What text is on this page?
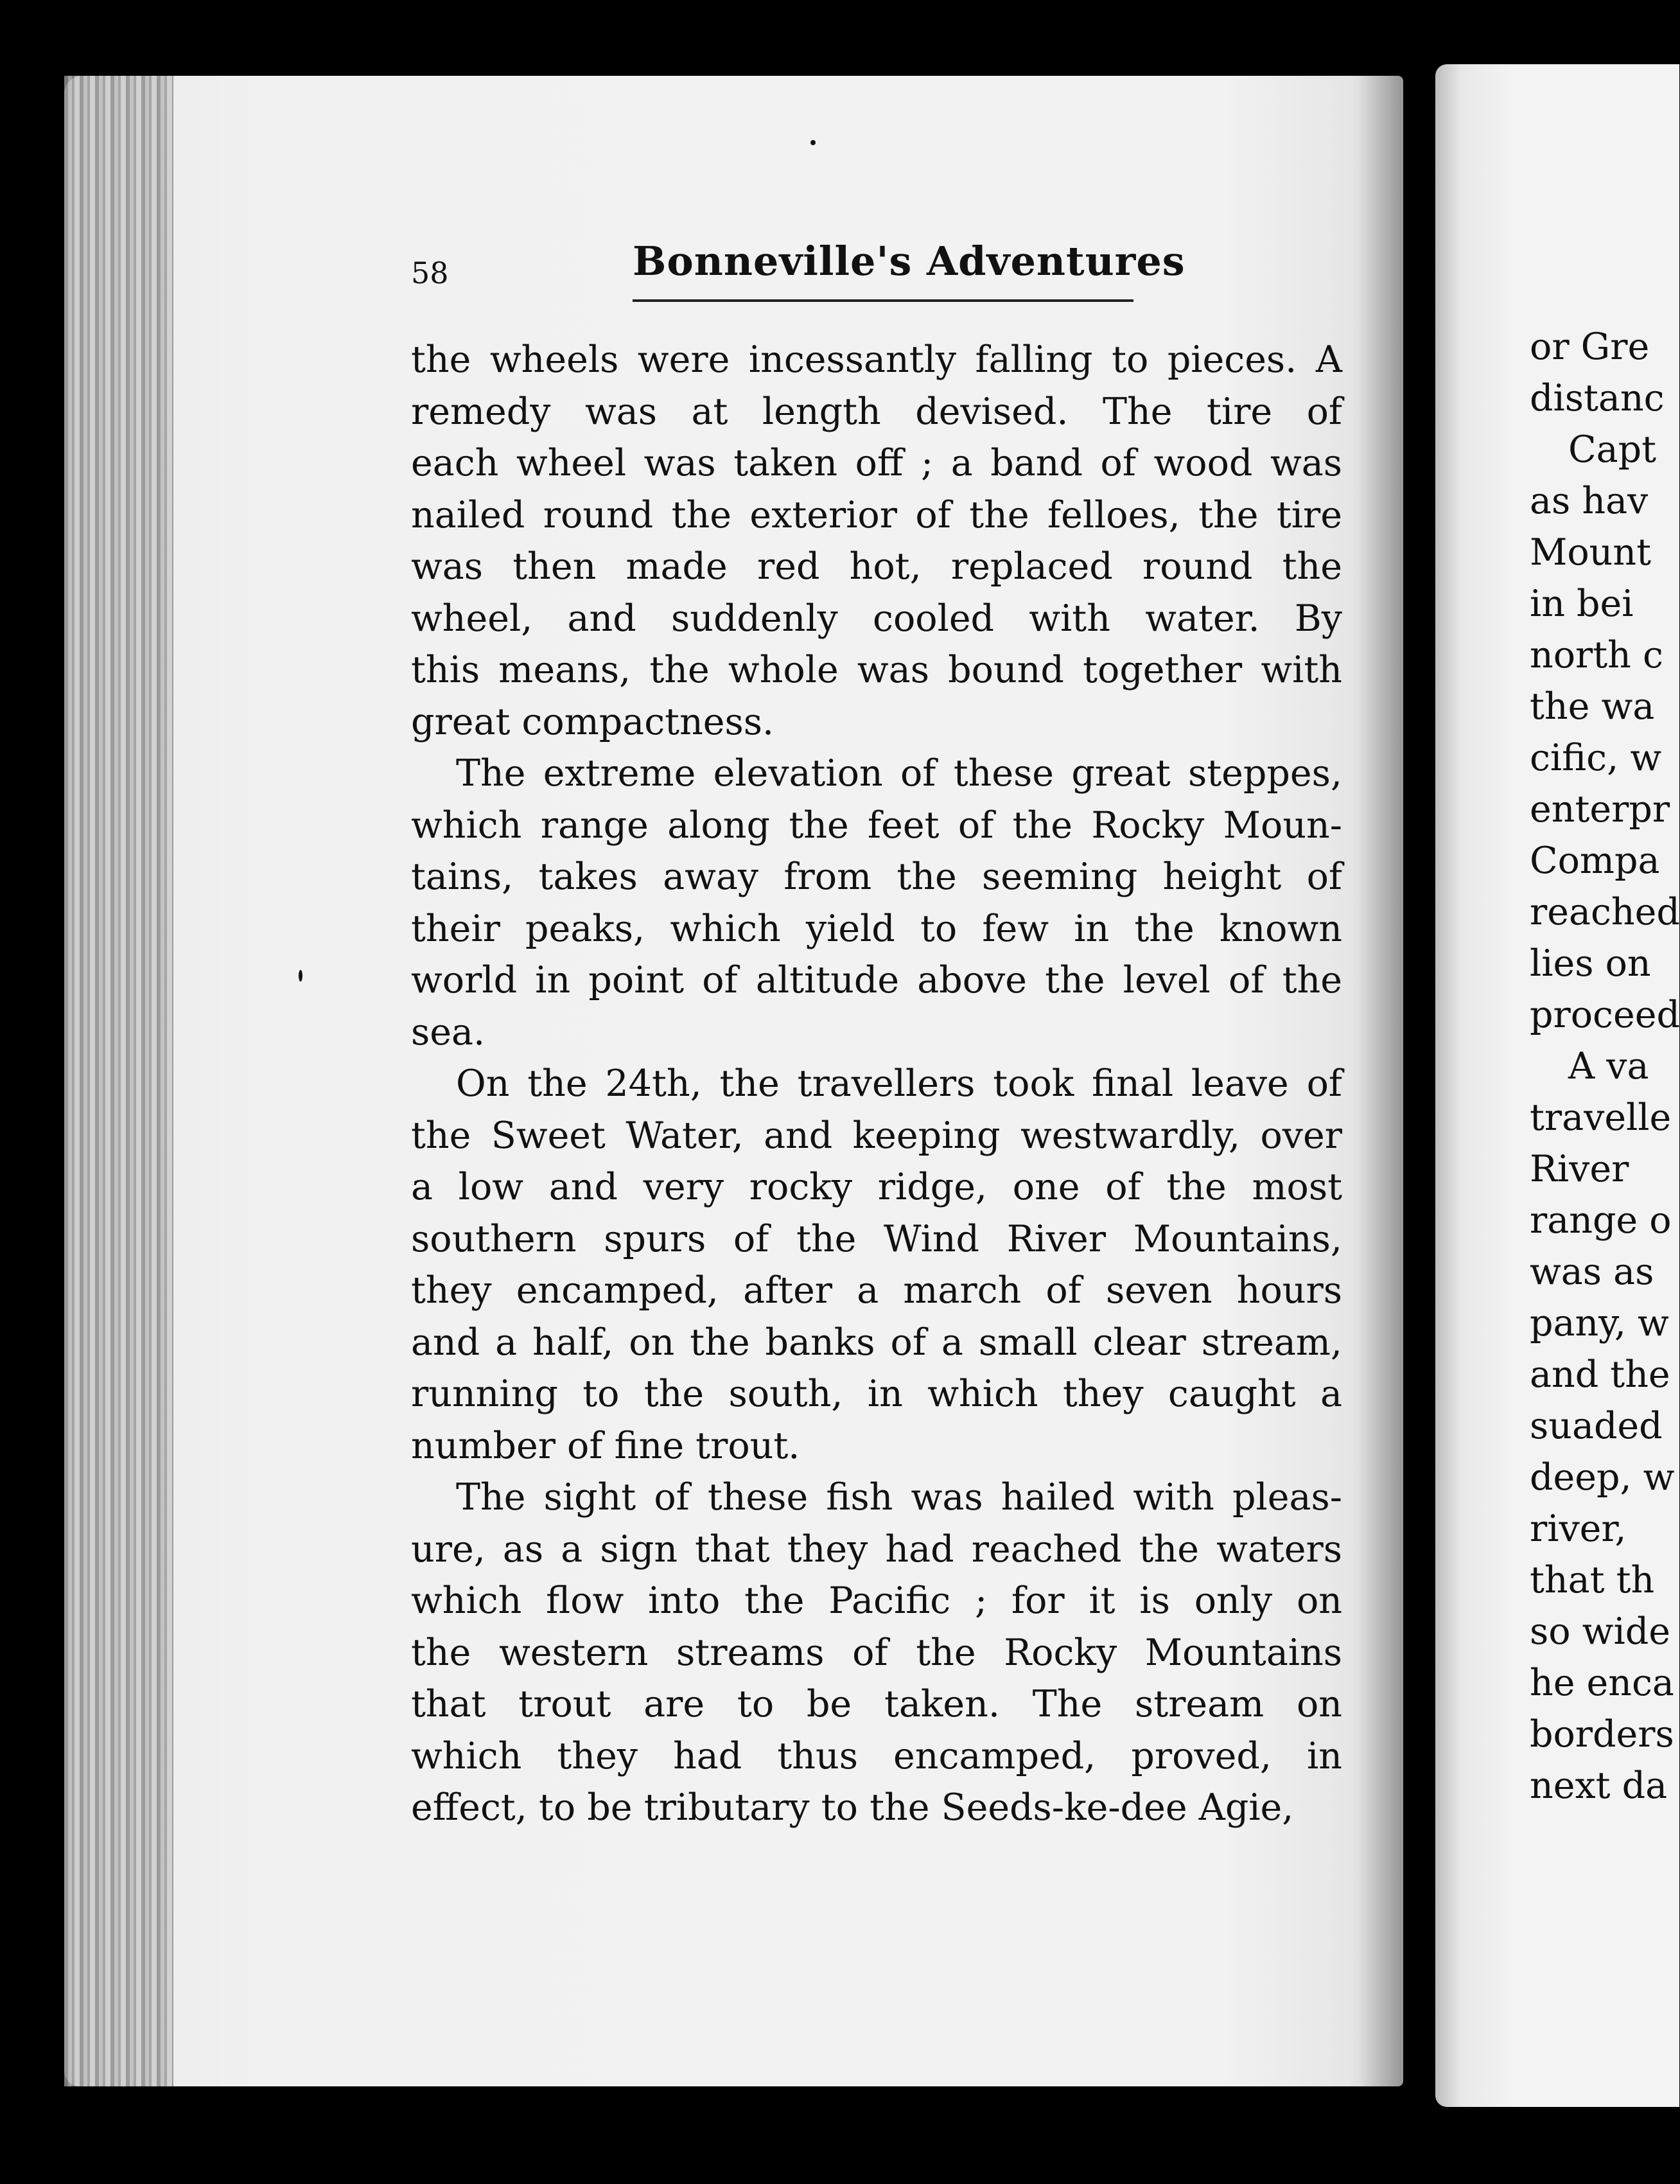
58	Bonneville's Adventures
the wheels were incessantly falling to pieces. A
remedy was at length devised. The tire of
each wheel was taken off ; a band of wood was
nailed round the exterior of the felloes, the tire
was then made red hot, replaced round the
wheel, and suddenly cooled with water. By
this means, the whole was bound together with
great compactness.
The extreme elevation of these great steppes,
which range along the feet of the Rocky Moun-
tains, takes away from the seeming height of
their peaks, which yield to few in the known
world in point of altitude above the level of the
sea.
On the 24th, the travellers took final leave of
the Sweet Water, and keeping westwardly, over
a low and very rocky ridge, one of the most
southern spurs of the Wind River Mountains,
they encamped, after a march of seven hours
and a half, on the banks of a small clear stream,
running to the south, in which they caught a
number of fine trout.
The sight of these fish was hailed with pleas-
ure, as a sign that they had reached the waters
which flow into the Pacific ; for it is only on
the western streams of the Rocky Mountains
that trout are to be taken. The stream on
which they had thus encamped, proved, in
effect, to be tributary to the Seeds-ke-dee Agie,
or Gre
distanc
Capt
as hav
Mount
in bei
north c
the wa
cific, w
enterpr
Compa
reached
lies on
proceed
A va
travelle
River
range o
was as
pany, w
and the
suaded
deep, w
river,
that th
so wide
he enca
borders
next da
